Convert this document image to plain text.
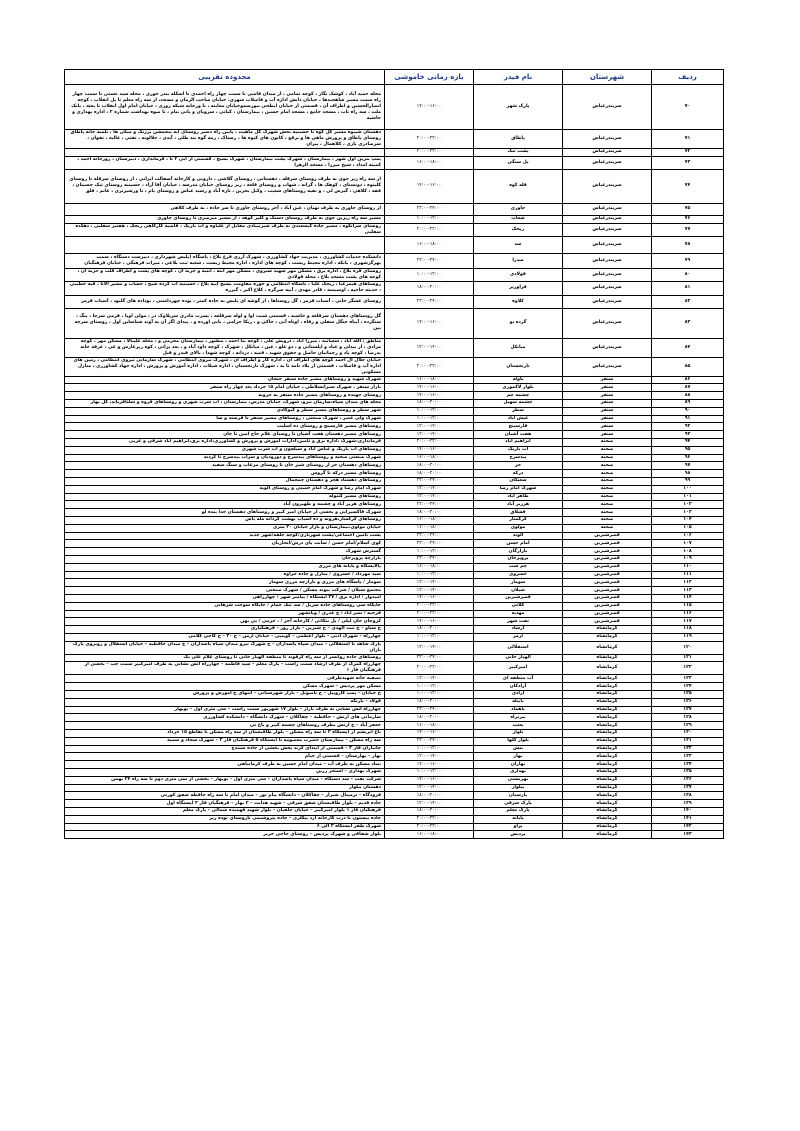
ردیف	شهرستان	نام فیدر	بازه زمانی خاموشی	محدوده تقریبی
۷۰	سربندرعباس	پارک شهر	۱۴:۰۰-۱۶:۰۰	محله حمید آباد ، کوشک نگار ، کوچه تمامی ، از میدان قاضی تا سمت چهار راه احمدی تا اسکله بندر حوری ، محله سید نعمتی تا سمت چهار راه سمت مسیر شاهحیدها ، خیابان دانش اداره آب و فاضلاب شهری، خیابان صاحب الزمان و مسجد، از سه راه معلم تا پل انقلاب ، کوچه انصارالحسین و اطراف آن ، قسمتی از خیابان ابطحی نیورسموخیابان معاینه ، نا ورخانه شبکه روزی ، خیابان امام اول انقلاب تا بعثه ، بانک ملت ، سه راه تاب ، مسجد جامع ، مسجد امام حسین ، بیمارستان ، کیانی ، سرویان و بانی بنام ، نا صوه بهداشت شماره ۲ ، اداره بهداری و حاشیه
۷۱	سربندرعباس	پاطاق	۲۰:۰۰-۲۲:۰۰	دهستان شیبوه مسیر گل کوه تا حسینیه بخش شهرک گل ماهیت ، پایین راه دسیر روستای آیه پنجمشن برژنگ و میکی ها ، تلمبه خانه پاطاق روستای پاطاق و پرورش ماهی ها و برقع ، کانون های کیوه ها ، رستاک ، زمه گوه بند طلی ، آیدی ، جلالونه ، نفتی ، غالیه ، نقوان ، سرصادری بازی ، کلاهمال ، پیران
۷۲	سربندرعباس	پشت تنگ	۲۰:۰۰-۲۲:۰۰	
۷۳	سربندرعباس	پل سنگی	۱۶:۰۰-۱۸:۰۰	پمپ بنزین اول شهر ، بیمارستان ، شهرک پشت بیمارستان ، شهرک بسیج ، قسمتی از آبی ۲ تا ، فرمانداری ، دبیرستان ، زورخانه احمد ، کمیته امداد ، شیخ میرزا ، مسجد الزهرا
۷۴	سربندرعباس	قله کوه	۱۴:۰۰-۱۶:۰۰	از سه راه زیر جوی به طرف روستای سرقله ، دهستانی ، روستای گلاشی ، دارویی و کارخانه آسفالت ایرانی ، از روستای سرقله تا روستای کلیتوه ، دونستای ، کوهک ها ، گرانه ، شهاب و روستای قلعه ، زیر روستای خیابان مدرسه ، خیابان آقا آزاد ، حسینیه روستای تنک حسینان ، فقه ، کلاهی ، گیرس لی ، و بقیه روستاهای شعیب ، وکیل بحرین ، تازه آباد و رشید عباس و روستای بام ، نا ورشیرنزی ، غانم ، فلق
۷۵	سربندرعباس	جاوری	۲۲:۰۰-۲۴:۰۰	از روستای جاوری به طرف نهیان ، عین آباد ، آخر روستای جاوری تا سر جاده ، به طرف کلاهی
۷۶	سربندرعباس	شعاب	۱۰:۰۰-۱۲:۰۰	مسیر سه راه زیرین جوی به طرف روستای دستک و کلیر کوهد ، از مسیر میرصری تا روستای جاوری
۷۷	سربندرعباس	ریخک	۲۰:۰۰-۲۲:۰۰	روستای سرانگوه ، مسیر جاده گیسعندی به طرف شیرنیبادی مقابل از علیاوه و آب باریک ، قاضیه کارگاهی ریخک ، هفتبر سقلبی ، دهکده سقلبی
۷۸	سربندرعباس	سد	۱۶:۰۰-۱۸:۰۰	
۷۹	سربندرعباس	صدرا	۲۲:۰۰-۲۴:۰۰	دانشکده خدمات کشاورزی ، مدیریت جهاد کشاورزی ، شهرک آرزی فرع بلاغ ، پاسگاه (پلیس شهرداری ، دبیرست دستگاه ، سمت بهرگزشهری ، بانکه ، اداره محیط زیست ، کوچه های اداره ، اداره محیط زیست ، شعبه ثبت بلاغی ، میراث فرهنگی ، خیابان فرهنگیان
۸۰	سربندرعباس	فولادی	۱۰:۰۰-۱۲:۰۰	روستای فره بلاغ ، اداره برق ، مسکن مهر شهید شیروی ، مسکن مهر آبته ، ابنیه و حربه آن ، کوچه های پشت و اطراف قلب و حربه آن ، کوچه های پشت مسجد بلاغ ، محله فولادی
۸۱	سربندرعباس	فراوزیر	۱۸:۰۰-۲۰:۰۰	روستاهای هیمرغیا ، ریخک علیا ، باسگاه انتظامی و حوزه مقاومت بسیج آبیه بلاغ ، حسینیه آب گرده شیخ ، حساب و مسیر الانا ، قیه خطیبی ، حدیثه حاجیه ، اوسیمنه ، قادر مهدی ، آبیه سرگره ، کلاغ اکبر ، گیزره
۸۲	سربندرعباس	کلاوه	۲۲:۰۰-۲۴:۰۰	روستای عسگر خانی ، آسیاب قرمز ، گل روستاها ، از گوشه ای پلیس به جاده کمتر ، بوده چهرداستی ، بوداده های گلبود ، آسیاب قرمز
۸۳	سربندرعباس	گرده نو	۱۴:۰۰-۱۶:۰۰	گل روستاهای دهستان سرقلعه و حاشیه ، قسمتی شیب اوا و لوله سرقلعه ، پسرت مادری سرپلاوک در ، مولی اوپا ، فرمی سرچا ، بنگ ، سنگرده ، آبیاه جنگل سفلی و رفاه ، اوناه آیی ، خاکی و ، ریکا حرامی ، بابی اورده و ، پیدای اگر آن به آوند شناساین اول ، روستای سرچه بین
۸۴	سربندرعباس	میانکل	۱۲:۰۰-۱۴:۰۰	مناطق : الله آباد ، شعبانیه ، میرزا آباد ، درویش علی ، کوچه بنا احمد ، مظنور ، بیمارستان محرمی و ، محله علیبالا ، مسکن مهر ، کوچه مرادی ، از بیدلی و عباد و ایلستانی و ، دو علو ، عین ، میانکل ، شهرک ، کوچه داود آباد و ، بعد پراثی ، کوه زیرغارس و غی ، غرفة خانه بدرضا ، کوچه پاد و رحماتیان حاصل و حقوق شهید ، قصه ، دزدانه ، کوچه شهدا ، بالای فیدر و قبل
۸۵	سربندرعباس	نارنجستان	۲۰:۰۰-۲۲:۰۰	خیابان جلال آل احمد کوچه های اطراف آن ، اداره کار و اطراف آن ، شهرک نیروی انتظامی ، شهرک سازمانی نیروی انتظامی ، زمین های اداره آب و فاضلاب ، قسمتی از بلاد نامه تا به ، شهرک نارنجستان ، اداره شیلات ، اداره آموزش و پرورش ، اداره جهاد کشاورزی ، منازل مسکونی
۸۶	سنقر	باوله	۱۶:۰۰-۱۸:۰۰	شهرک شهید و روستاهای مسیر جاده سنقر جنجان
۸۷	سنقر	بلوار لاکموری	۱۴:۰۰-۱۶:۰۰	بازار سنقر ، شهرک سبزانشلاطی ، خیابان امام ۱۵ خرداد بعد چهار راه سنقر
۸۸	سنقر	چشمه چم	۱۴:۰۰-۱۶:۰۰	روستای جهنده و روستاهای مسیر جاده سنقر به جرویه
۸۹	سنقر	چشمه سهیل	۱۸:۰۰-۲۰:۰۰	محله های میدان سپاه،سازمان نیرو، شهرک، خیابان مدرس، بیمارستان ، آب شرب شهری و روستاهای قروه و شلتاقرباند، گل بهار
۹۰	سنقر	سطر	۱۰:۰۰-۱۲:۰۰	شهر سطر و روستاهای مسیر سطر و کیوکادی
۹۱	سنقر	عیش آباد	۱۰:۰۰-۱۲:۰۰	شهرک ولی عصر ، شهرک صنعتی ، روستاهای مسیر سنقر تا فرسند و سا
۹۲	سنقر	فارسینج	۱۲:۰۰-۱۴:۰۰	روستاهای مسیر فارسینج و روستای ده اسلیب
۹۳	سنقر	هفت آشیان	۱۲:۰۰-۱۴:۰۰	روستاهای مسیر دهستان هفت آشیان تا روستای غلام حاج امین تا خان
۹۴	صحنه	ابراهیم آباد	۲۰:۰۰-۲۲:۰۰	فرمانداری،شهرک ،اداره برق و تامین،ادارات آموزش و پرورش و کشاورزی،اداره برق،ابراهیم آباد شرقی و غربی
۹۵	صحنه	آب باریک	۱۴:۰۰-۱۶:۰۰	روستاهای آب باریک و عباس آباد و سبلچون و آب شرب شهری
۹۶	صحنه	بیدسرخ	۱۶:۰۰-۱۸:۰۰	شهرک صنعتی صحنه و روستاهای بیدسرخ و دورودیان و سراب بیدسرخ تا گردنه
۹۷	صحنه	حر	۱۸:۰۰-۲۰:۰۰	روستاهای دهستان حر از روستای شیر خان تا روستای مرغاب و سنگ سفید
۹۸	صحنه	درکه	۱۸:۰۰-۲۰:۰۰	روستاهای مسیر درکه تا گروس
۹۹	صحنه	سعتکان	۲۲:۰۰-۲۴:۰۰	روستاهای دهستاد هجر و دهستان چمچمال
۱۰۰	صحنه	شهرک امام رضا	۱۲:۰۰-۱۴:۰۰	شهرک امام رضا و شهرک امام خمینی و روستای آلویه
۱۰۱	صحنه	ظاهر آباد	۱۲:۰۰-۱۴:۰۰	روستاهای مسیر کنتوله
۱۰۲	صحنه	هرزیز آباد	۲۲:۰۰-۲۴:۰۰	روستاهای هریز آباد و چشمه و ظهیرون آباد
۱۰۳	صحنه	قشلاق	۱۸:۰۰-۲۰:۰۰	شهرک قاکسیرانی و بخشی از خیابان امیر کبیر و روستاهای دهستان خدا بنده لو
۱۰۴	صحنه	گرکمناز	۱۶:۰۰-۱۸:۰۰	روستاهای گرگسار،هرونه و ده اسیاب بهشت کردانه مله باس
۱۰۵	صحنه	مولوی	۱۶:۰۰-۱۸:۰۰	خیابان مولوی،بیمارستان و بازار خیابان ۲۰ متری
۱۰۶	قصرشیرین	الوند	۲۲:۰۰-۲۴:۰۰	پشت تامین اجتماعی/پشت شهربازی/کوچه حلقه/شهر جدید
۱۰۷	قصرشیرین	امام حسن	۲۲:۰۰-۲۴:۰۰	کوی اسلام/امام حسن / سایت پای درش/اتحاریان
۱۰۸	قصرشیرین	بازارگان	۱۰:۰۰-۱۲:۰۰	گسترش شهرک
۱۰۹	قصرشیرین	پرویزخان	۲۲:۰۰-۲۴:۰۰	بازارچه پرویزخان
۱۱۰	قصرشیرین	چم شت	۱۶:۰۰-۱۸:۰۰	پالایشگاه و پایانه های مرزی
۱۱۱	قصرشیرین	خسروی	۱۰:۰۰-۱۲:۰۰	سید مهرداد / خسروی / منازل و جاده خراوه
۱۱۲	قصرشیرین	سومار	۱۲:۰۰-۱۴:۰۰	سومار / پاسگاه های مرزی و بازارچه مرزی سومار
۱۱۳	قصرشیرین	شیلان	۱۲:۰۰-۱۴:۰۰	مجتمع شیلان / شرکت پیوند مسکن / شهرک صنعتی
۱۱۴	قصرشیرین	قصرشیرین	۱۴:۰۰-۱۶:۰۰	امیدوار / اداره برق / ۲۷ ایستگاه / پیامبر شهر / چهارراهی
۱۱۵	قصرشیرین	کلاتی	۲۰:۰۰-۲۲:۰۰	جایگاه سی روستاهای جاده سریل / سد تنگ حمام / جایگاه سوخت شرهانی
۱۱۶	قصرشیرین	مهدیه	۲۰:۰۰-۲۲:۰۰	فرحیه / نصر آباد / ج عذری / ویانشهر
۱۱۷	قصرشیرین	نفت شهر	۱۴:۰۰-۱۶:۰۰	کروچان خان لیلی / پل نتکانی / کارخانه آجر / ، خرمی / بی بهن
۱۱۸	کرمانشاه	ارشاد	۱۸:۰۰-۲۰:۰۰	خ ستاو – خ نبت الهدی – خ شیرین – بازار روز – فرهنگیاری
۱۱۹	کرمانشاه	ازمر	۱۰:۰۰-۱۲:۰۰	چهارراه – شهرک ادبی – بلوار اعظمی – کوینیی – خیابان ارمن – خ ۳۰ – خ کاجی کلامی
۱۲۰	کرمانشاه	استقلالی	۱۲:۰۰-۱۴:۰۰	پارک شاهد تا استقلالی – میدان سپاه پاسداران – خ شهرک نیرو میدان سپاه پاسداران – خ میدان حافظیه – خیابان استقلال و روبروی پارک باران
۱۲۱	کرمانشاه	الهیار خانی	۲۲:۰۰-۲۴:۰۰	روستاهای جاده روانسر از سه راه کرفوند تا منطقه الهیار خانی تا روستای غلام علی بگ
۱۲۲	کرمانشاه	امیرکبیر	۲۰:۰۰-۲۲:۰۰	چهارراه گمرک از طرف ارشاد سمت راست – پارک معلم – سید فاطمه – چهارراه آتش نشانی به طرف امیرکبیر سمت چپ – بخشی از فرهنگیان فاز ۱
۱۲۳	کرمانشاه	آب منطقه ای	۱۲:۰۰-۱۴:۰۰	تصفیه خانه شهیدطرقی
۱۲۴	کرمانشاه	آرادکان	۱۰:۰۰-۱۲:۰۰	مسکن مهر پردیس – شهرک مسکن
۱۲۵	کرمانشاه	آزادی	۱۰:۰۰-۱۲:۰۰	خ خیابان – پمپ کاروپیل – خ نامیوتل – بازار شهرستانی – انتهای خ آموزش و پرورش
۱۲۶	کرمانشاه	بابیله	۱۸:۰۰-۲۰:۰۰	فولاد – بارنکه
۱۲۷	کرمانشاه	باهماد	۲۲:۰۰-۲۴:۰۰	چهارراه آتش نشانی به طرف بازار – بلوار ۱۷ شهریور سمت راست – سی متری اول – نوبهار
۱۲۸	کرمانشاه	بیزتراه	۱۸:۰۰-۲۰:۰۰	سازمانی های ارتش – حافظیه – چقاکلان – شهرک دانشگاه – دانشکده کشاورزی
۱۲۹	کرمانشاه	بعثت	۱۶:۰۰-۱۸:۰۰	جعفر آباد – خ ارتش بطرف روستاهای چشمه کبیر و باغ نی
۱۳۰	کرمانشاه	بلوار	۱۴:۰۰-۱۶:۰۰	باغ ابریشم از ایستگاه ۲ تا سه راه مسکن – بلوار طاقبستان از سه راه مسکن تا تقاطع ۱۵ خرداد
۱۳۱	کرمانشاه	بلوار گلها	۲۲:۰۰-۲۴:۰۰	سه راه مسکن – بیمارستان حضرت معصومه تا ایستگاه ۵ فرهنگیان فاز ۲ – شهرک سجاد و سمیه
۱۳۲	کرمانشاه	بنش	۱۰:۰۰-۱۲:۰۰	جانبازان فاز ۳ – قسمتی از ابتدای کرند پخش بخشی از جاده سنندج
۱۳۳	کرمانشاه	بهار	۱۲:۰۰-۱۴:۰۰	بهار – بهارستان – قسمتی از خیام
۱۳۴	کرمانشاه	بهاران	۱۴:۰۰-۱۶:۰۰	بنیاد مسکن به طرف آب – میدان امام حسین به طرف کرمانیاهی
۱۳۵	کرمانشاه	بهداری	۱۰:۰۰-۱۲:۰۰	شهرک بهداری – استخر زرین
۱۳۶	کرمانشاه	بهزیستی	۱۴:۰۰-۱۶:۰۰	شرکت نفت – سد دستکاه – میدان سپاه پاسداران – سی متری اول – نوبهار – بخشی از سی متری دوم تا سه راه ۲۴ بهمن
۱۳۷	کرمانشاه	بیلوار	۱۲:۰۰-۱۴:۰۰	دهستان بیلوار
۱۳۸	کرمانشاه	پارسیان	۱۸:۰۰-۲۰:۰۰	فرودگاه – ترمینال شیراز – چقاکلان – دانشگاه پیام نور – میدان امام تا سه راه حافظه شفق کورنی
۱۳۹	کرمانشاه	پارک شرقی	۱۲:۰۰-۱۴:۰۰	جاده قدیم – بلوار طاقبستان شفق شرقی – شهید هدایت – ۲ بهار – فرهنگیان فاز ۲ ایستگاه اول
۱۴۰	کرمانشاه	پارک معلم	۱۸:۰۰-۲۰:۰۰	فرهنگیان فاز ۱ بلوار امیرکبیر – خیابان حلقیان – بلوار شهید فهمیده شمالی – پارک معلم
۱۴۱	کرمانشاه	پایانه	۲۰:۰۰-۲۲:۰۰	جاده بیستون تا درب کارخانه آرد بیگلری – جاده پتروشیمی تاروستای نوده رپز
۱۴۲	کرمانشاه	پراو	۲۰:۰۰-۲۲:۰۰	شهرک ظفر ایستگاه ۳ الی ۶
۱۴۳	کرمانشاه	پردیس	۱۶:۰۰-۱۸:۰۰	بلوار شقاقی و شهرک پردیس – روستای حاجی خزیز
